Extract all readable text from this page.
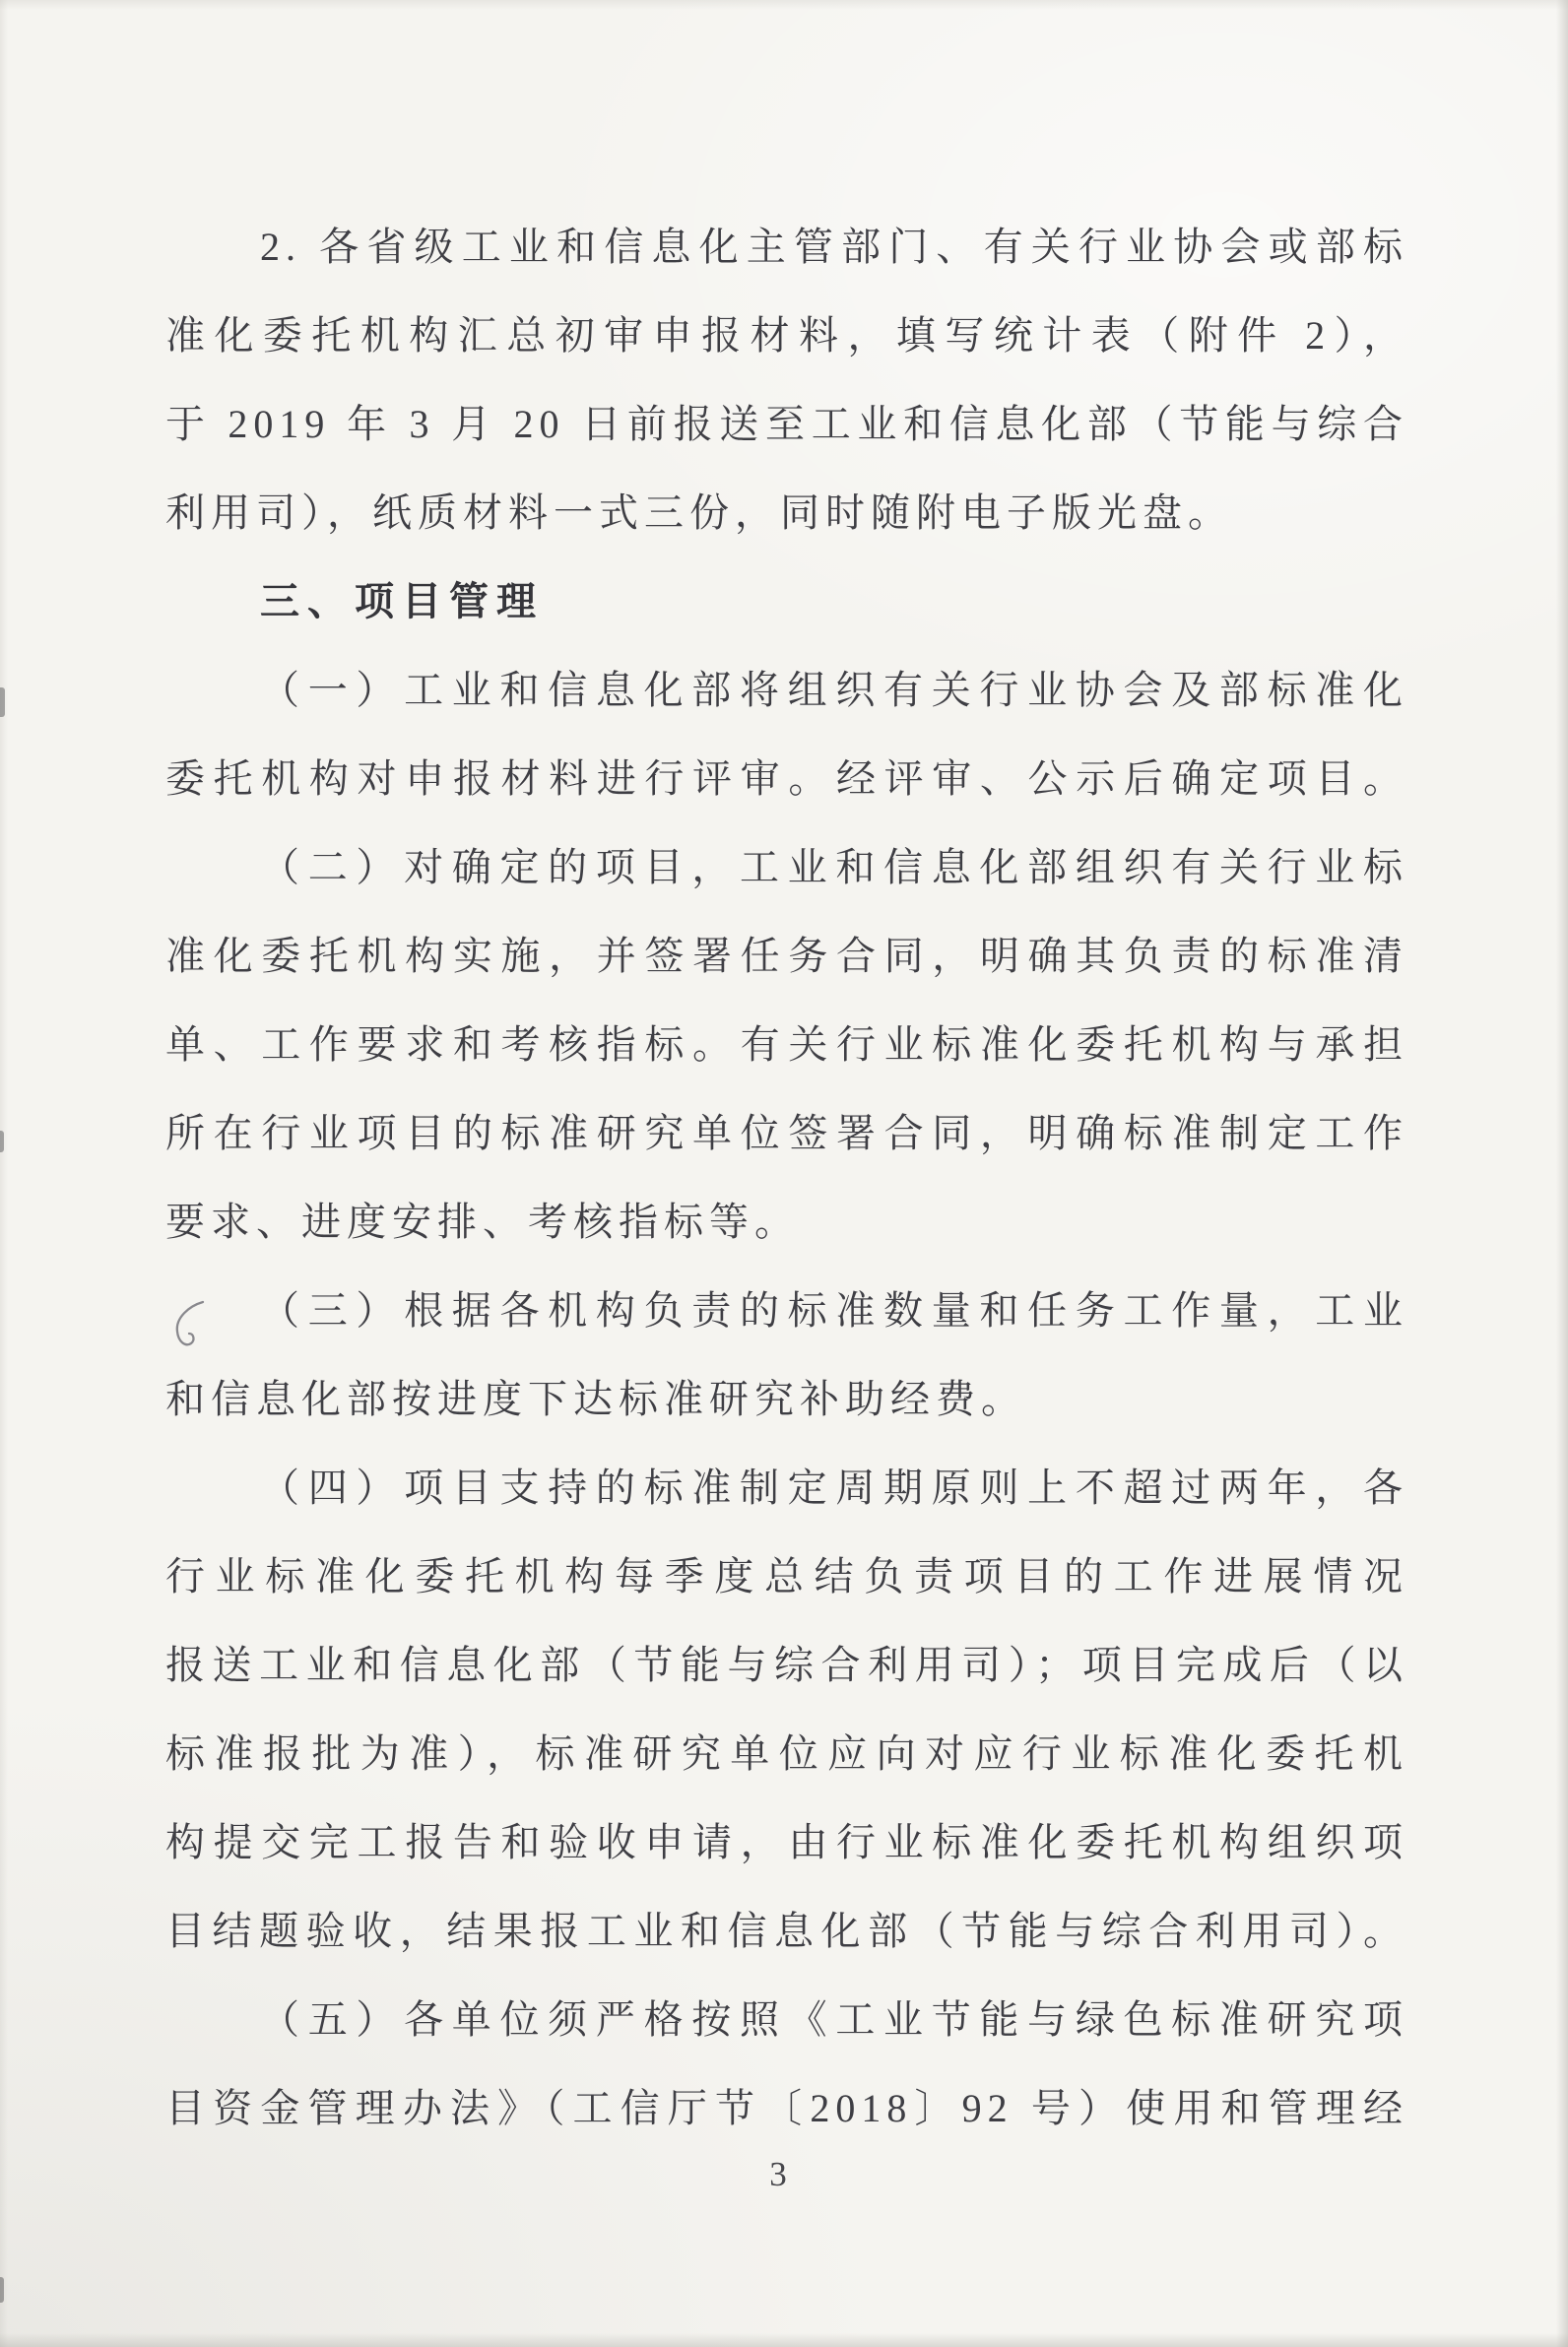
2. 各省级工业和信息化主管部门、有关行业协会或部标
准化委托机构汇总初审申报材料，填写统计表（附件 2），
于 2019 年 3 月 20 日前报送至工业和信息化部（节能与综合
利用司），纸质材料一式三份，同时随附电子版光盘。
三、项目管理
（一）工业和信息化部将组织有关行业协会及部标准化
委托机构对申报材料进行评审。经评审、公示后确定项目。
（二）对确定的项目，工业和信息化部组织有关行业标
准化委托机构实施，并签署任务合同，明确其负责的标准清
单、工作要求和考核指标。有关行业标准化委托机构与承担
所在行业项目的标准研究单位签署合同，明确标准制定工作
要求、进度安排、考核指标等。
（三）根据各机构负责的标准数量和任务工作量，工业
和信息化部按进度下达标准研究补助经费。
（四）项目支持的标准制定周期原则上不超过两年，各
行业标准化委托机构每季度总结负责项目的工作进展情况
报送工业和信息化部（节能与综合利用司）；项目完成后（以
标准报批为准），标准研究单位应向对应行业标准化委托机
构提交完工报告和验收申请，由行业标准化委托机构组织项
目结题验收，结果报工业和信息化部（节能与综合利用司）。
（五）各单位须严格按照《工业节能与绿色标准研究项
目资金管理办法》（工信厅节〔2018〕92 号）使用和管理经
3
